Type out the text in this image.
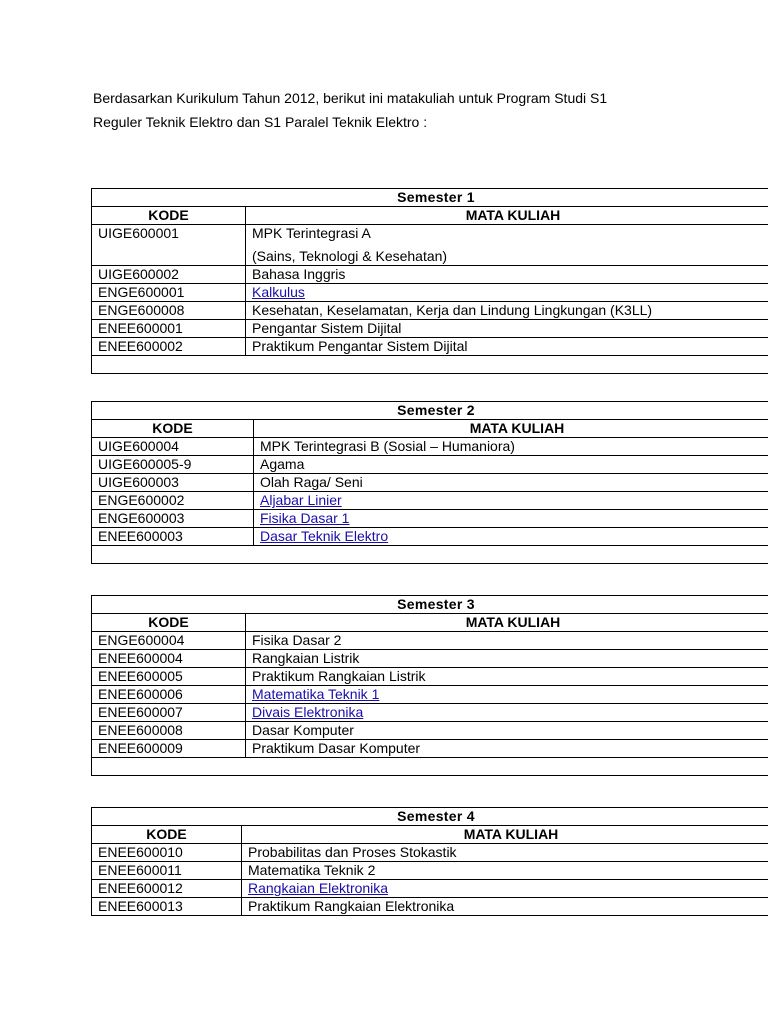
Berdasarkan Kurikulum Tahun 2012, berikut ini matakuliah untuk Program Studi S1

Reguler Teknik Elektro dan S1 Paralel Teknik Elektro :

Semester 1	
KODE	MATA KULIAH
UIGE600001	MPK Terintegrasi A
(Sains, Teknologi & Kesehatan)

UIGE600002	Bahasa Inggris
ENGE600001	Kalkulus
ENGE600008	Kesehatan, Keselamatan, Kerja dan Lindung Lingkungan (K3LL)
ENEE600001	Pengantar Sistem Dijital
ENEE600002	Praktikum Pengantar Sistem Dijital

Semester 2	
KODE	MATA KULIAH
UIGE600004	MPK Terintegrasi B (Sosial – Humaniora)
UIGE600005-9	Agama
UIGE600003	Olah Raga/ Seni
ENGE600002	Aljabar Linier
ENGE600003	Fisika Dasar 1
ENEE600003	Dasar Teknik Elektro

Semester 3	
KODE	MATA KULIAH
ENGE600004	Fisika Dasar 2
ENEE600004	Rangkaian Listrik
ENEE600005	Praktikum Rangkaian Listrik
ENEE600006	Matematika Teknik 1
ENEE600007	Divais Elektronika
ENEE600008	Dasar Komputer
ENEE600009	Praktikum Dasar Komputer

Semester 4	
KODE	MATA KULIAH
ENEE600010	Probabilitas dan Proses Stokastik
ENEE600011	Matematika Teknik 2
ENEE600012	Rangkaian Elektronika
ENEE600013	Praktikum Rangkaian Elektronika
